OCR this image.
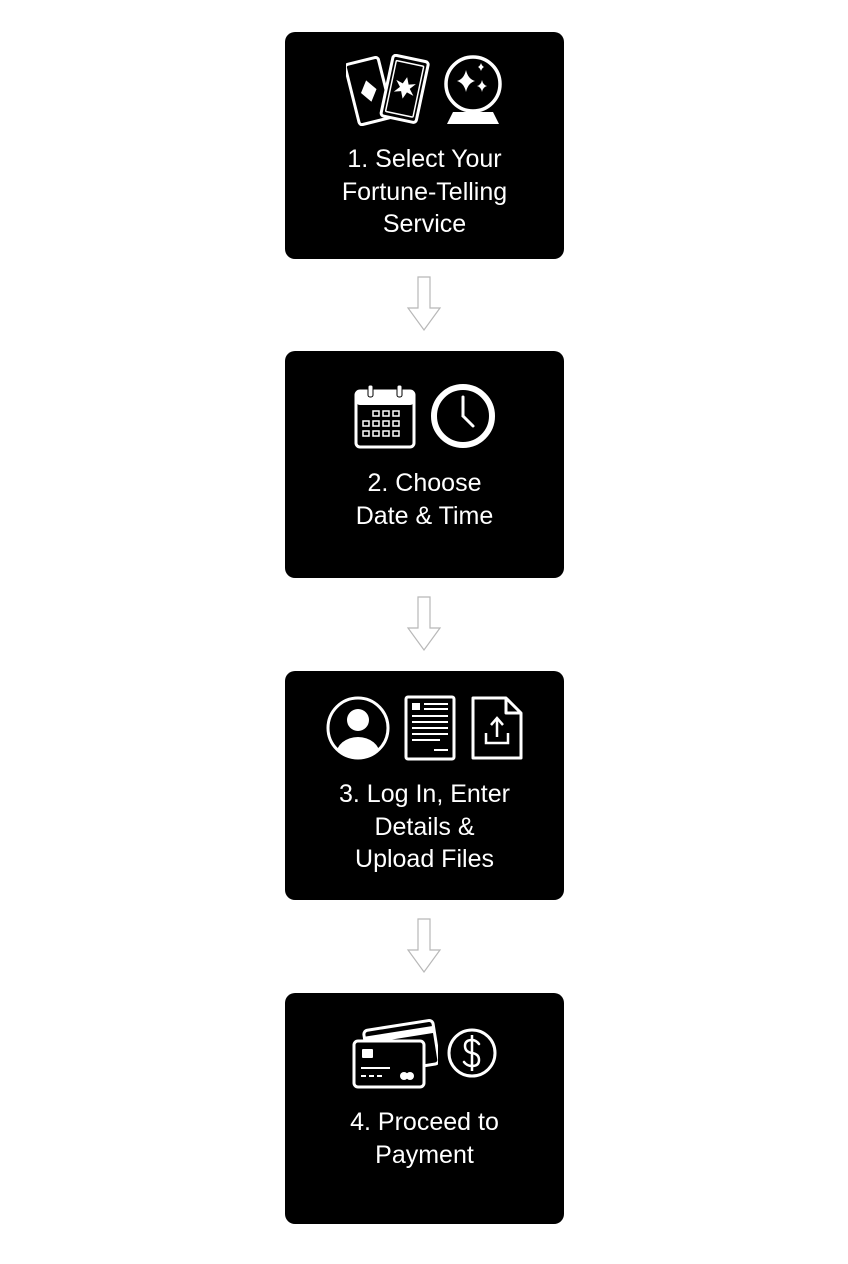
1. Select Your
Fortune-Telling
Service
2. Choose
Date & Time
3. Log In, Enter
Details &
Upload Files
4. Proceed to
Payment
